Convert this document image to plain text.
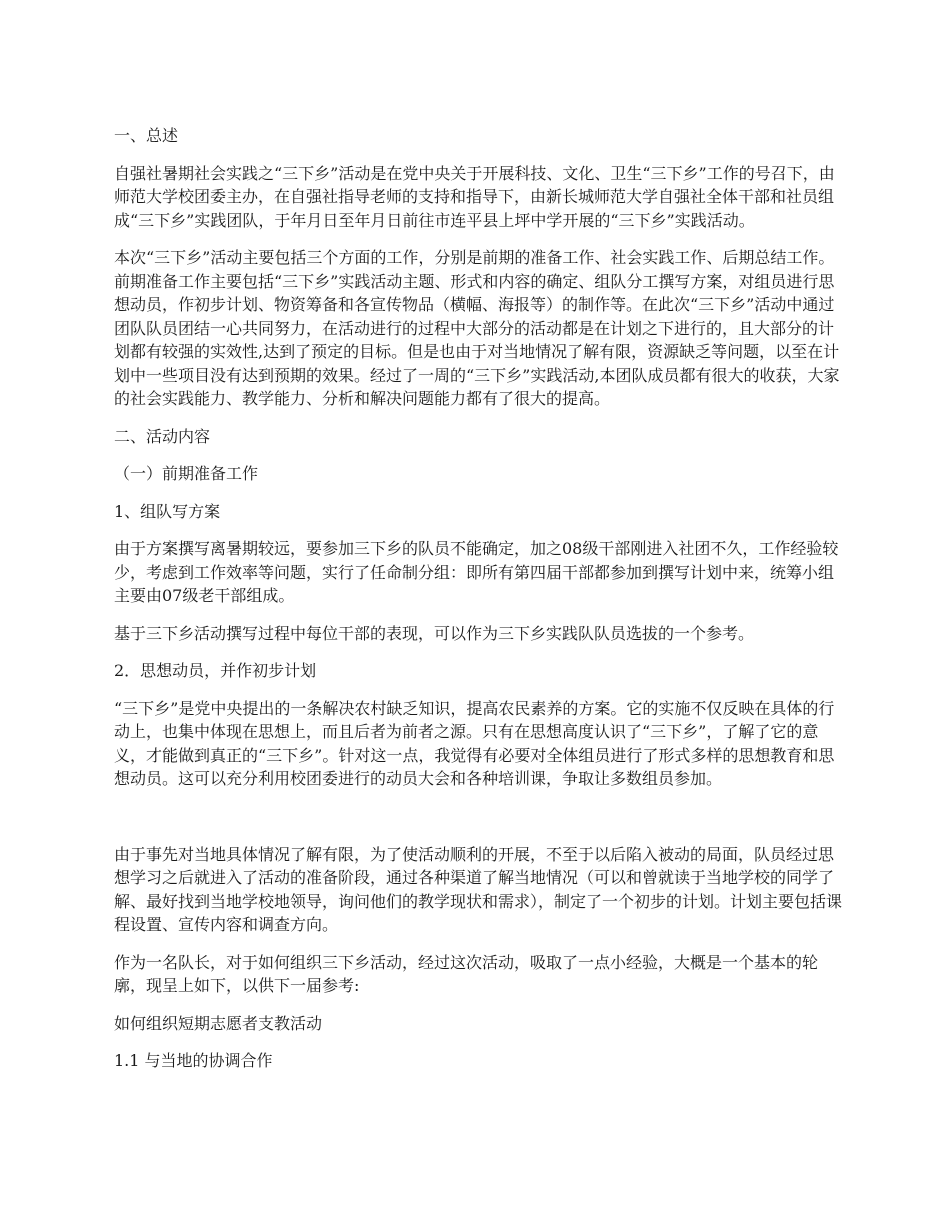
一、总述

自强社暑期社会实践之“三下乡”活动是在党中央关于开展科技、文化、卫生“三下乡”工作的号召下，由师范大学校团委主办，在自强社指导老师的支持和指导下，由新长城师范大学自强社全体干部和社员组成“三下乡”实践团队，于年月日至年月日前往市连平县上坪中学开展的“三下乡”实践活动。

本次“三下乡”活动主要包括三个方面的工作，分别是前期的准备工作、社会实践工作、后期总结工作。前期准备工作主要包括“三下乡”实践活动主题、形式和内容的确定、组队分工撰写方案，对组员进行思想动员，作初步计划、物资筹备和各宣传物品（横幅、海报等）的制作等。在此次“三下乡”活动中通过团队队员团结一心共同努力，在活动进行的过程中大部分的活动都是在计划之下进行的，且大部分的计划都有较强的实效性,达到了预定的目标。但是也由于对当地情况了解有限，资源缺乏等问题，以至在计划中一些项目没有达到预期的效果。经过了一周的“三下乡”实践活动,本团队成员都有很大的收获，大家的社会实践能力、教学能力、分析和解决问题能力都有了很大的提高。

二、活动内容

（一）前期准备工作

1、组队写方案

由于方案撰写离暑期较远，要参加三下乡的队员不能确定，加之08级干部刚进入社团不久，工作经验较少，考虑到工作效率等问题，实行了任命制分组：即所有第四届干部都参加到撰写计划中来，统筹小组主要由07级老干部组成。

基于三下乡活动撰写过程中每位干部的表现，可以作为三下乡实践队队员选拔的一个参考。

2．思想动员，并作初步计划

“三下乡”是党中央提出的一条解决农村缺乏知识，提高农民素养的方案。它的实施不仅反映在具体的行动上，也集中体现在思想上，而且后者为前者之源。只有在思想高度认识了“三下乡”，了解了它的意义，才能做到真正的“三下乡”。针对这一点，我觉得有必要对全体组员进行了形式多样的思想教育和思想动员。这可以充分利用校团委进行的动员大会和各种培训课，争取让多数组员参加。

由于事先对当地具体情况了解有限，为了使活动顺利的开展，不至于以后陷入被动的局面，队员经过思想学习之后就进入了活动的准备阶段，通过各种渠道了解当地情况（可以和曾就读于当地学校的同学了解、最好找到当地学校地领导，询问他们的教学现状和需求），制定了一个初步的计划。计划主要包括课程设置、宣传内容和调查方向。

作为一名队长，对于如何组织三下乡活动，经过这次活动，吸取了一点小经验，大概是一个基本的轮廓，现呈上如下，以供下一届参考:

如何组织短期志愿者支教活动

1.1 与当地的协调合作
